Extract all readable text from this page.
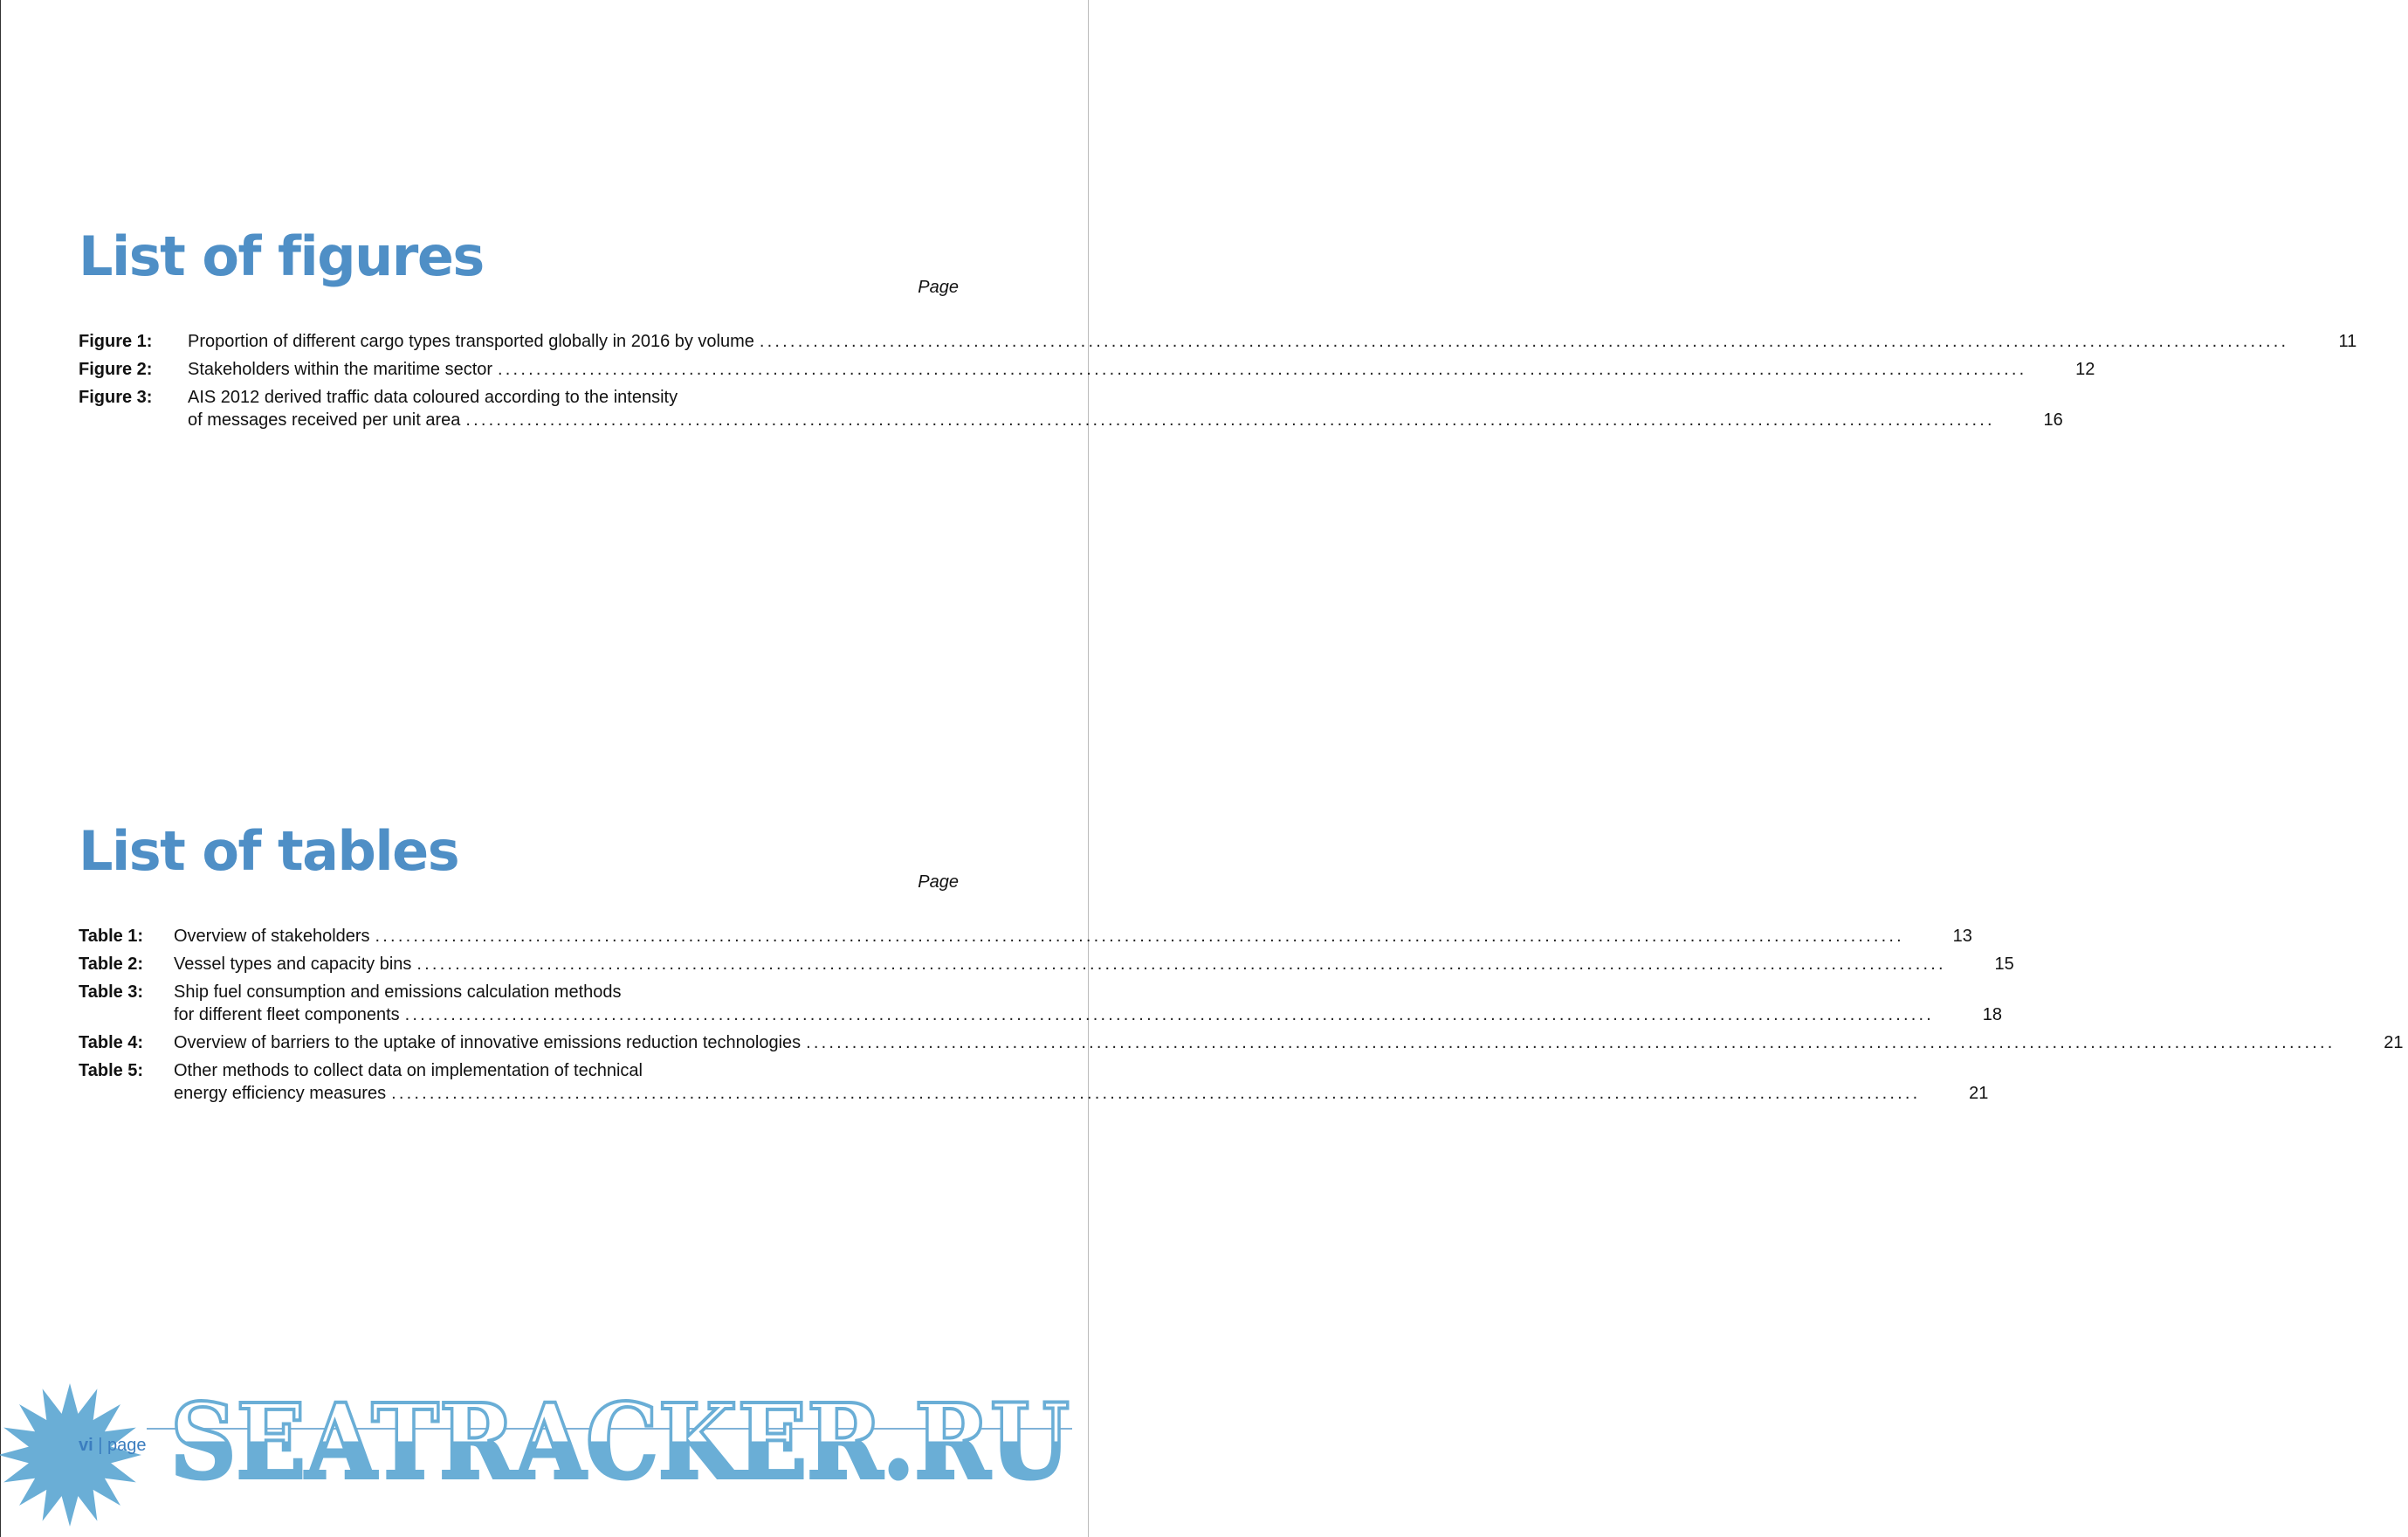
List of figures	Page
Figure 1:	Proportion of different cargo types transported globally in 2016 by volume ........................................................................................................................................................................................................	11
Figure 2:	Stakeholders within the maritime sector ........................................................................................................................................................................................................	12
Figure 3:	AIS 2012 derived traffic data coloured according to the intensity
of messages received per unit area ........................................................................................................................................................................................................	16
List of tables	Page
Table 1:	Overview of stakeholders ........................................................................................................................................................................................................	13
Table 2:	Vessel types and capacity bins ........................................................................................................................................................................................................	15
Table 3:	Ship fuel consumption and emissions calculation methods
for different fleet components ........................................................................................................................................................................................................	18
Table 4:	Overview of barriers to the uptake of innovative emissions reduction technologies ........................................................................................................................................................................................................	21
Table 5:	Other methods to collect data on implementation of technical
energy efficiency measures ........................................................................................................................................................................................................	21
vi | page SEATRACKER.RU
